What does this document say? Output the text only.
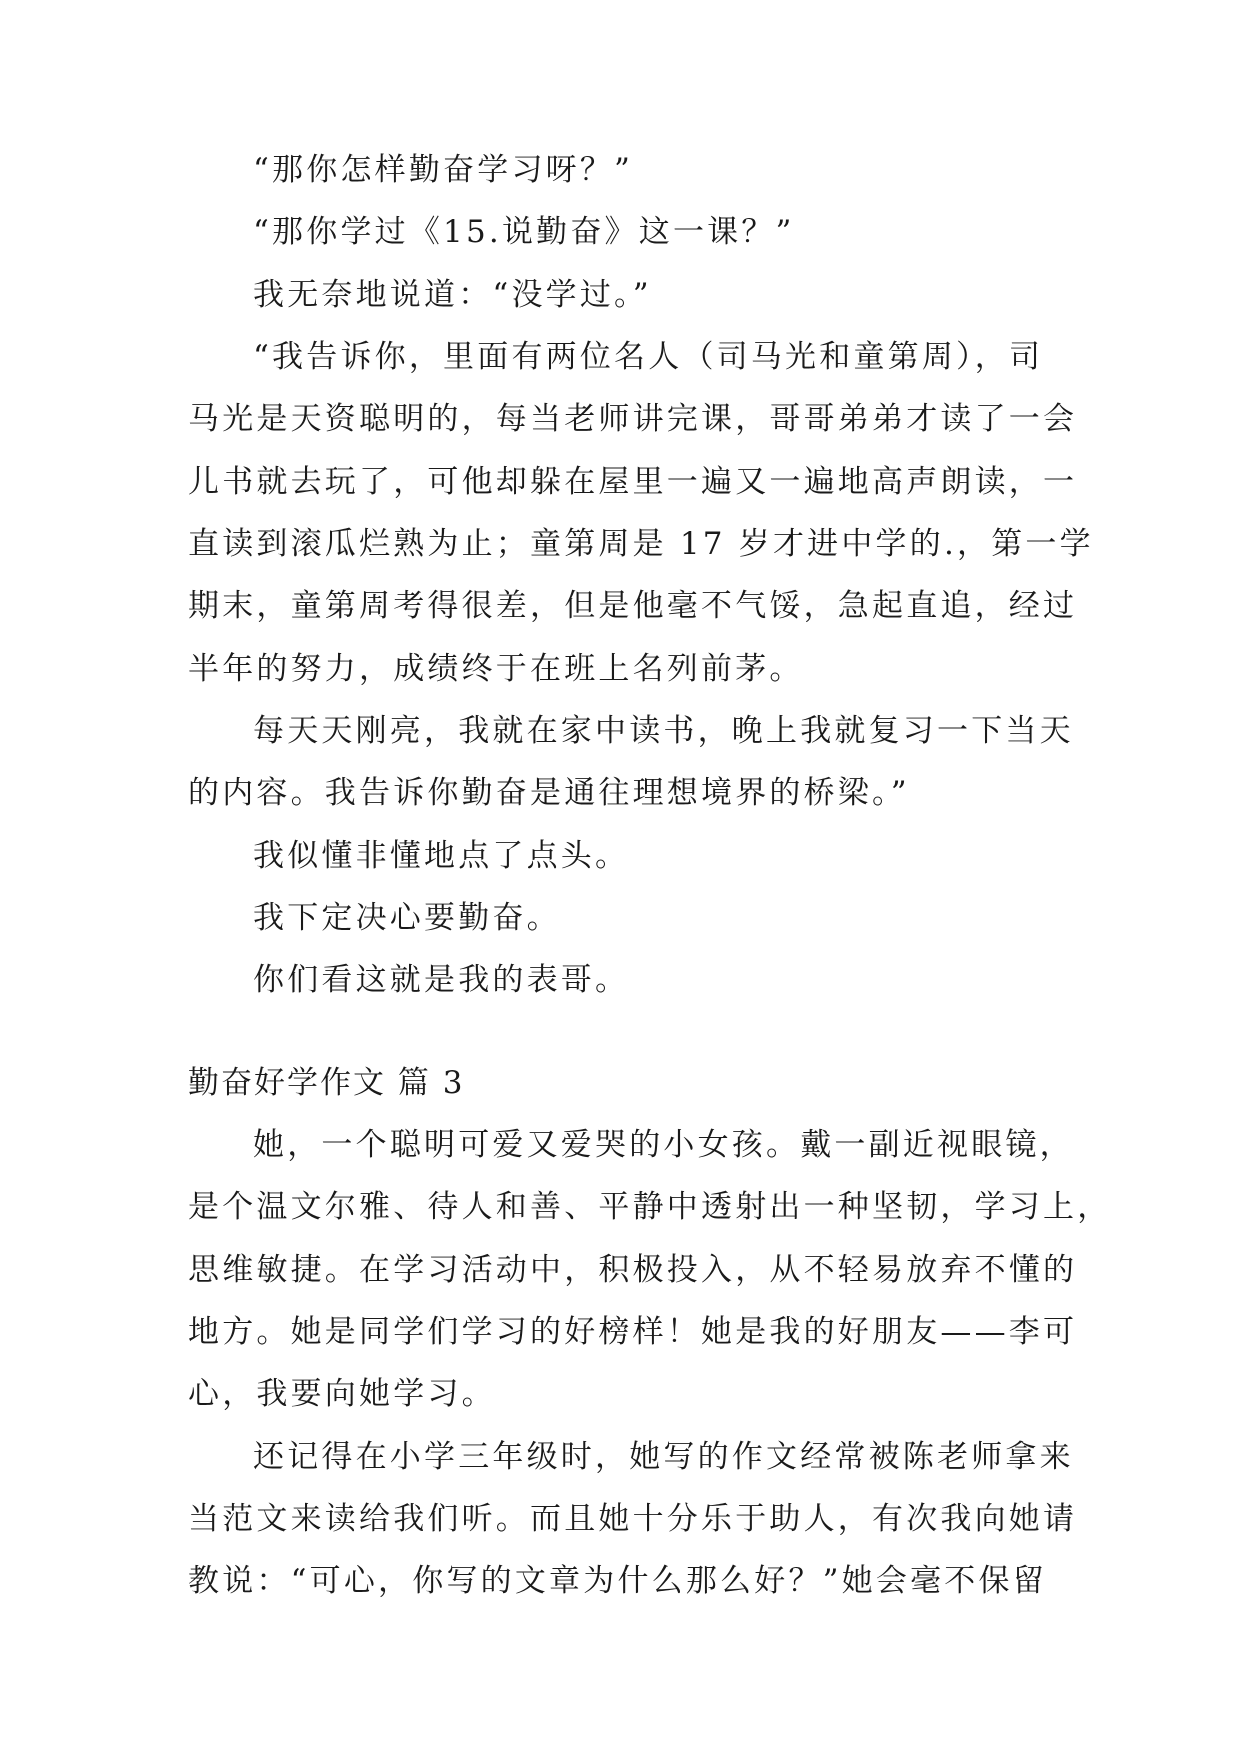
“那你怎样勤奋学习呀？”
“那你学过《15.说勤奋》这一课？”
我无奈地说道：“没学过。”
“我告诉你，里面有两位名人（司马光和童第周），司
马光是天资聪明的，每当老师讲完课，哥哥弟弟才读了一会
儿书就去玩了，可他却躲在屋里一遍又一遍地高声朗读，一
直读到滚瓜烂熟为止；童第周是 17 岁才进中学的.，第一学
期末，童第周考得很差，但是他毫不气馁，急起直追，经过
半年的努力，成绩终于在班上名列前茅。
每天天刚亮，我就在家中读书，晚上我就复习一下当天
的内容。我告诉你勤奋是通往理想境界的桥梁。”
我似懂非懂地点了点头。
我下定决心要勤奋。
你们看这就是我的表哥。
勤奋好学作文 篇 3
她，一个聪明可爱又爱哭的小女孩。戴一副近视眼镜，
是个温文尔雅、待人和善、平静中透射出一种坚韧，学习上，
思维敏捷。在学习活动中，积极投入，从不轻易放弃不懂的
地方。她是同学们学习的好榜样！她是我的好朋友——李可
心，我要向她学习。
还记得在小学三年级时，她写的作文经常被陈老师拿来
当范文来读给我们听。而且她十分乐于助人，有次我向她请
教说：“可心，你写的文章为什么那么好？”她会毫不保留
